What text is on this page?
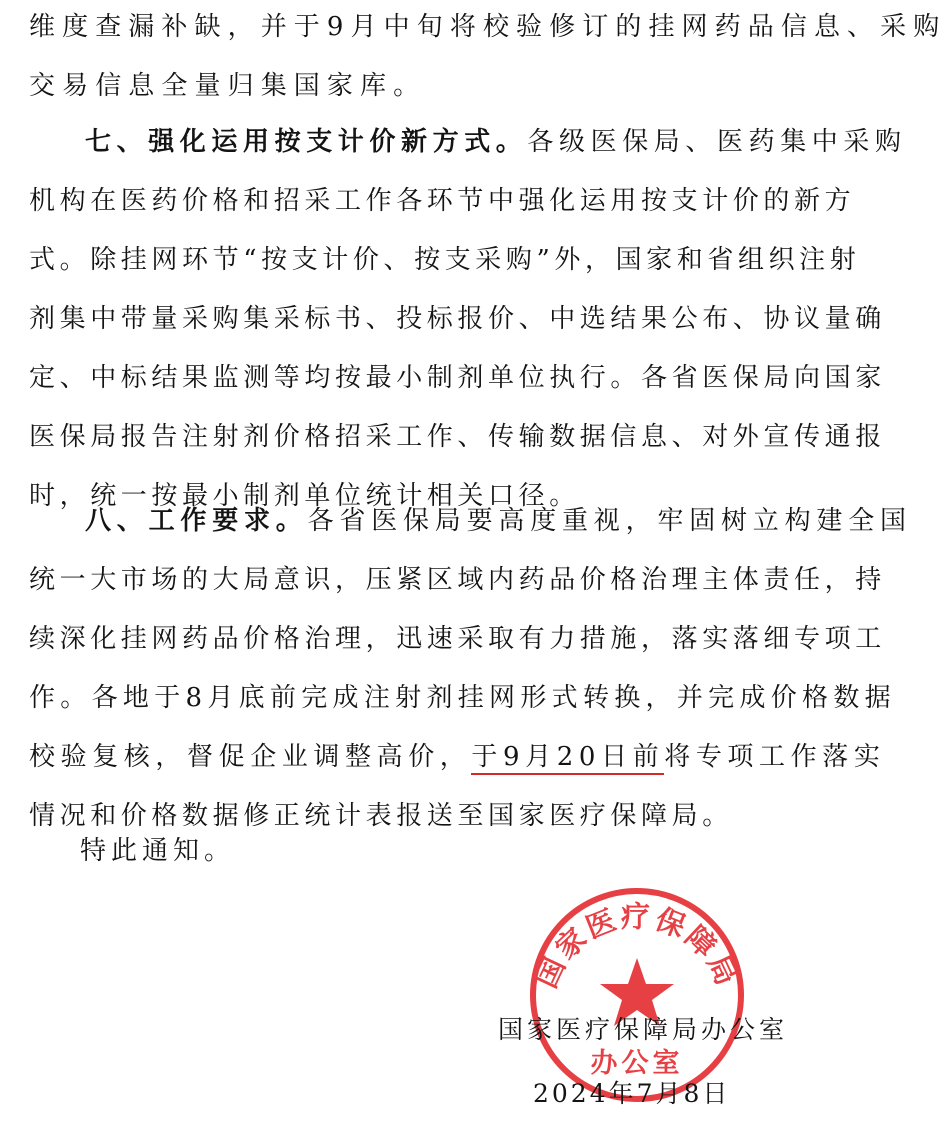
维度查漏补缺，并于9月中旬将校验修订的挂网药品信息、采购
交易信息全量归集国家库。
七、强化运用按支计价新方式。各级医保局、医药集中采购
机构在医药价格和招采工作各环节中强化运用按支计价的新方
式。除挂网环节“按支计价、按支采购”外，国家和省组织注射
剂集中带量采购集采标书、投标报价、中选结果公布、协议量确
定、中标结果监测等均按最小制剂单位执行。各省医保局向国家
医保局报告注射剂价格招采工作、传输数据信息、对外宣传通报
时，统一按最小制剂单位统计相关口径。
八、工作要求。各省医保局要高度重视，牢固树立构建全国
统一大市场的大局意识，压紧区域内药品价格治理主体责任，持
续深化挂网药品价格治理，迅速采取有力措施，落实落细专项工
作。各地于8月底前完成注射剂挂网形式转换，并完成价格数据
校验复核，督促企业调整高价，于9月20日前将专项工作落实
情况和价格数据修正统计表报送至国家医疗保障局。
特此通知。
国家医疗保障局
办公室
国家医疗保障局办公室
2024年7月8日
